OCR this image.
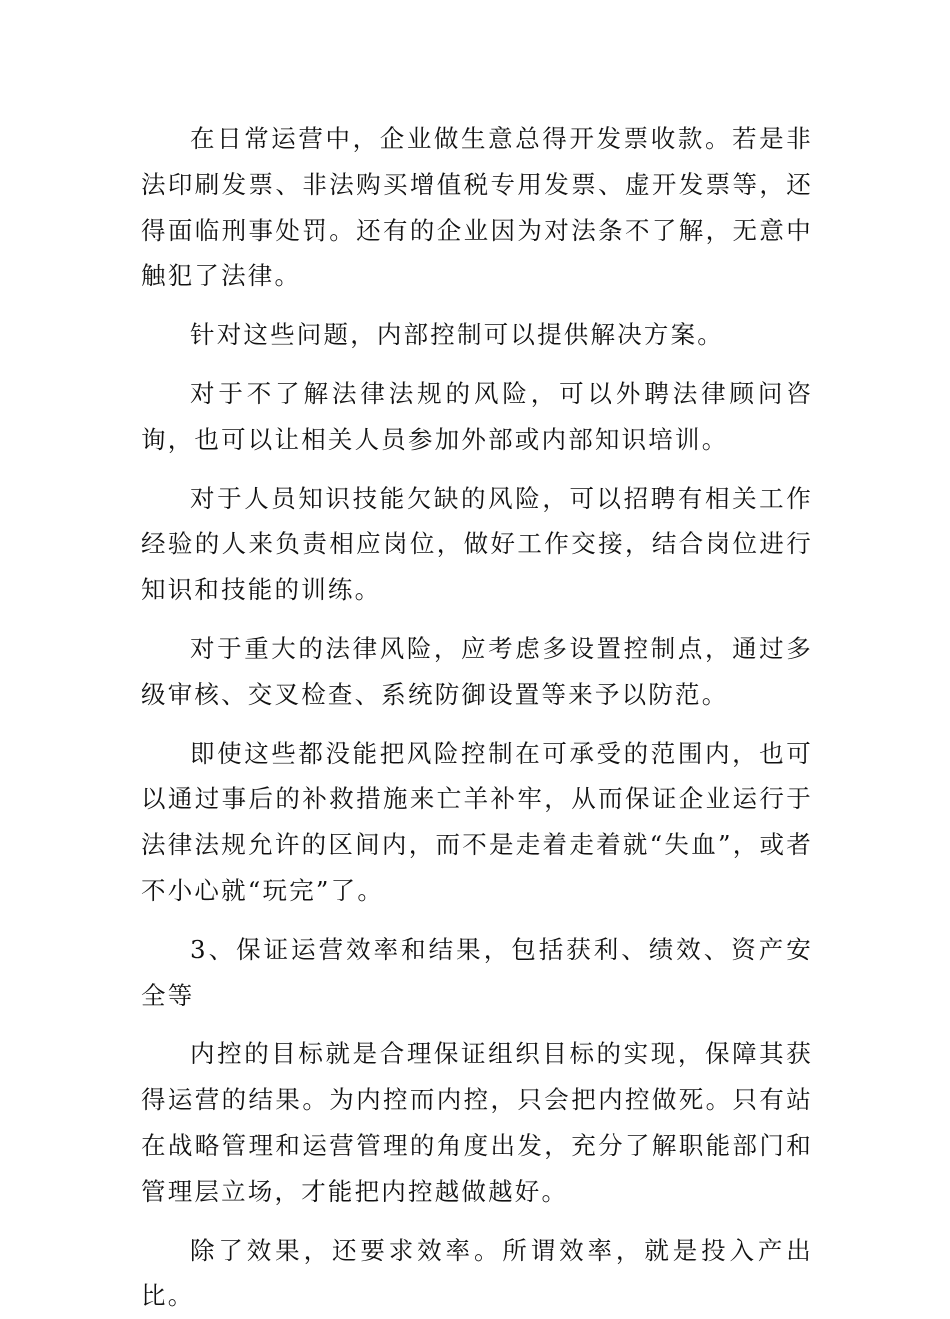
在日常运营中，企业做生意总得开发票收款。若是非法印刷发票、非法购买增值税专用发票、虚开发票等，还得面临刑事处罚。还有的企业因为对法条不了解，无意中触犯了法律。

针对这些问题，内部控制可以提供解决方案。

对于不了解法律法规的风险，可以外聘法律顾问咨询，也可以让相关人员参加外部或内部知识培训。

对于人员知识技能欠缺的风险，可以招聘有相关工作经验的人来负责相应岗位，做好工作交接，结合岗位进行知识和技能的训练。

对于重大的法律风险，应考虑多设置控制点，通过多级审核、交叉检查、系统防御设置等来予以防范。

即使这些都没能把风险控制在可承受的范围内，也可以通过事后的补救措施来亡羊补牢，从而保证企业运行于法律法规允许的区间内，而不是走着走着就“失血”，或者不小心就“玩完”了。

3、保证运营效率和结果，包括获利、绩效、资产安全等

内控的目标就是合理保证组织目标的实现，保障其获得运营的结果。为内控而内控，只会把内控做死。只有站在战略管理和运营管理的角度出发，充分了解职能部门和管理层立场，才能把内控越做越好。

除了效果，还要求效率。所谓效率，就是投入产出比。
